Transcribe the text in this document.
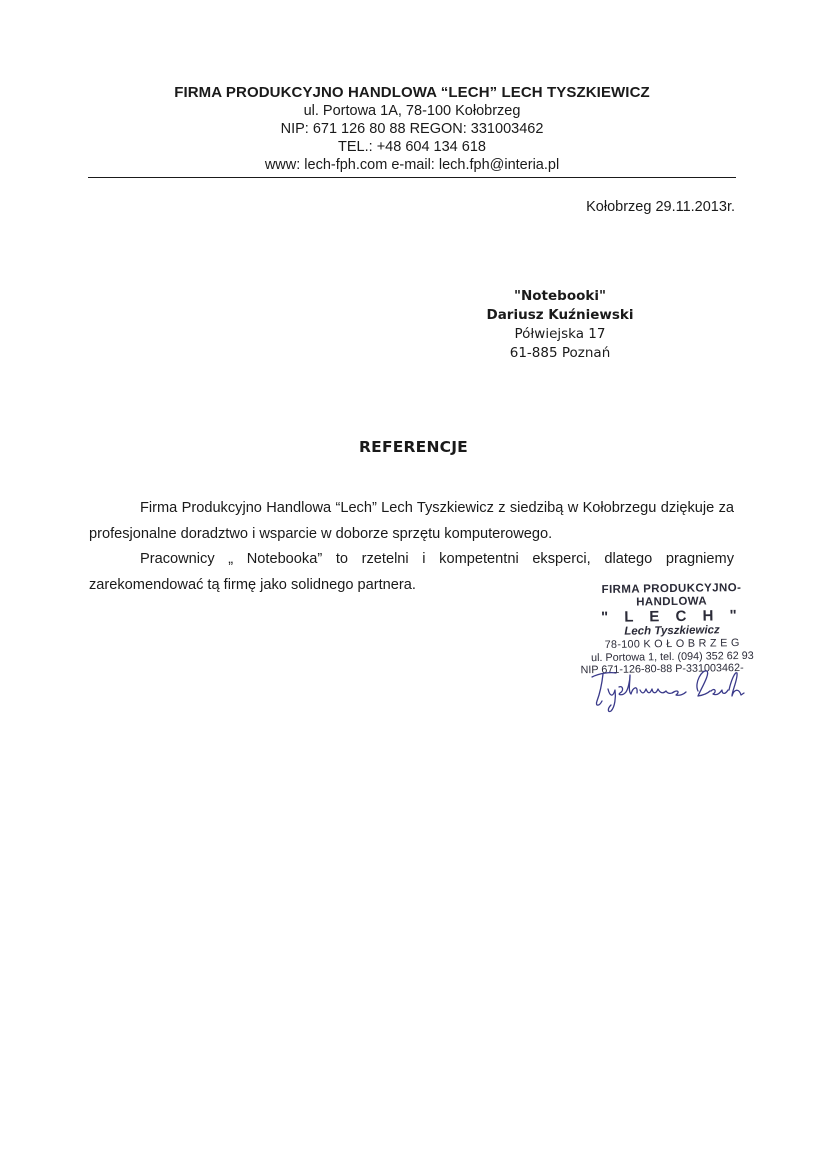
FIRMA PRODUKCYJNO HANDLOWA “LECH” LECH TYSZKIEWICZ
ul. Portowa 1A, 78-100 Kołobrzeg
NIP: 671 126 80 88 REGON: 331003462
TEL.: +48 604 134 618
www: lech-fph.com e-mail: lech.fph@interia.pl
Kołobrzeg 29.11.2013r.
"Notebooki"
Dariusz Kuźniewski
Półwiejska 17
61-885 Poznań
REFERENCJE

Firma Produkcyjno Handlowa “Lech” Lech Tyszkiewicz z siedzibą w Kołobrzegu dziękuje za profesjonalne doradztwo i wsparcie w doborze sprzętu komputerowego.

Pracownicy „ Notebooka” to rzetelni i kompetentni eksperci, dlatego pragniemy

zarekomendować tą firmę jako solidnego partnera.	FIRMA PRODUKCYJNO-HANDLOWA
" L E C H "
Lech Tyszkiewicz
78-100 K O Ł O B R Z E G
ul. Portowa 1, tel. (094) 352 62 93
NIP 671-126-80-88 P-331003462-
